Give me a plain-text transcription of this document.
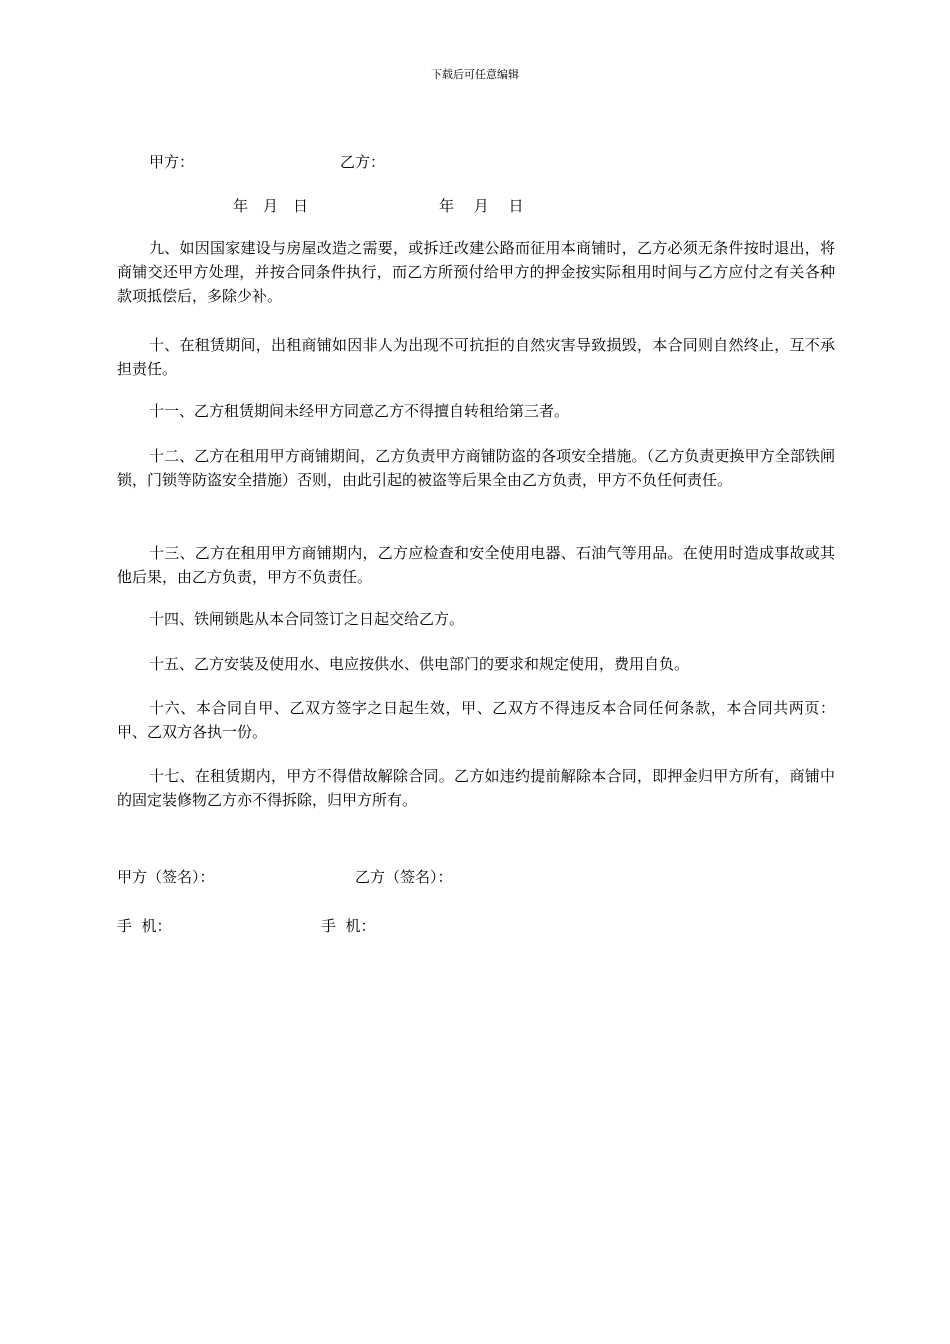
下载后可任意编辑
甲方：	乙方：
年　月　日	年　 月　 日

九、如因国家建设与房屋改造之需要，或拆迁改建公路而征用本商铺时，乙方必须无条件按时退出，将商铺交还甲方处理，并按合同条件执行，而乙方所预付给甲方的押金按实际租用时间与乙方应付之有关各种款项抵偿后，多除少补。

十、在租赁期间，出租商铺如因非人为出现不可抗拒的自然灾害导致损毁，本合同则自然终止，互不承担责任。

十一、乙方租赁期间未经甲方同意乙方不得擅自转租给第三者。

十二、乙方在租用甲方商铺期间，乙方负责甲方商铺防盗的各项安全措施。（乙方负责更换甲方全部铁闸锁，门锁等防盗安全措施）否则，由此引起的被盗等后果全由乙方负责，甲方不负任何责任。

十三、乙方在租用甲方商铺期内，乙方应检查和安全使用电器、石油气等用品。在使用时造成事故或其他后果，由乙方负责，甲方不负责任。

十四、铁闸锁匙从本合同签订之日起交给乙方。

十五、乙方安装及使用水、电应按供水、供电部门的要求和规定使用，费用自负。

十六、本合同自甲、乙双方签字之日起生效，甲、乙双方不得违反本合同任何条款，本合同共两页：甲、乙双方各执一份。

十七、在租赁期内，甲方不得借故解除合同。乙方如违约提前解除本合同，即押金归甲方所有，商铺中的固定装修物乙方亦不得拆除，归甲方所有。

甲方（签名）：	乙方（签名）：
手  机：	手  机：
